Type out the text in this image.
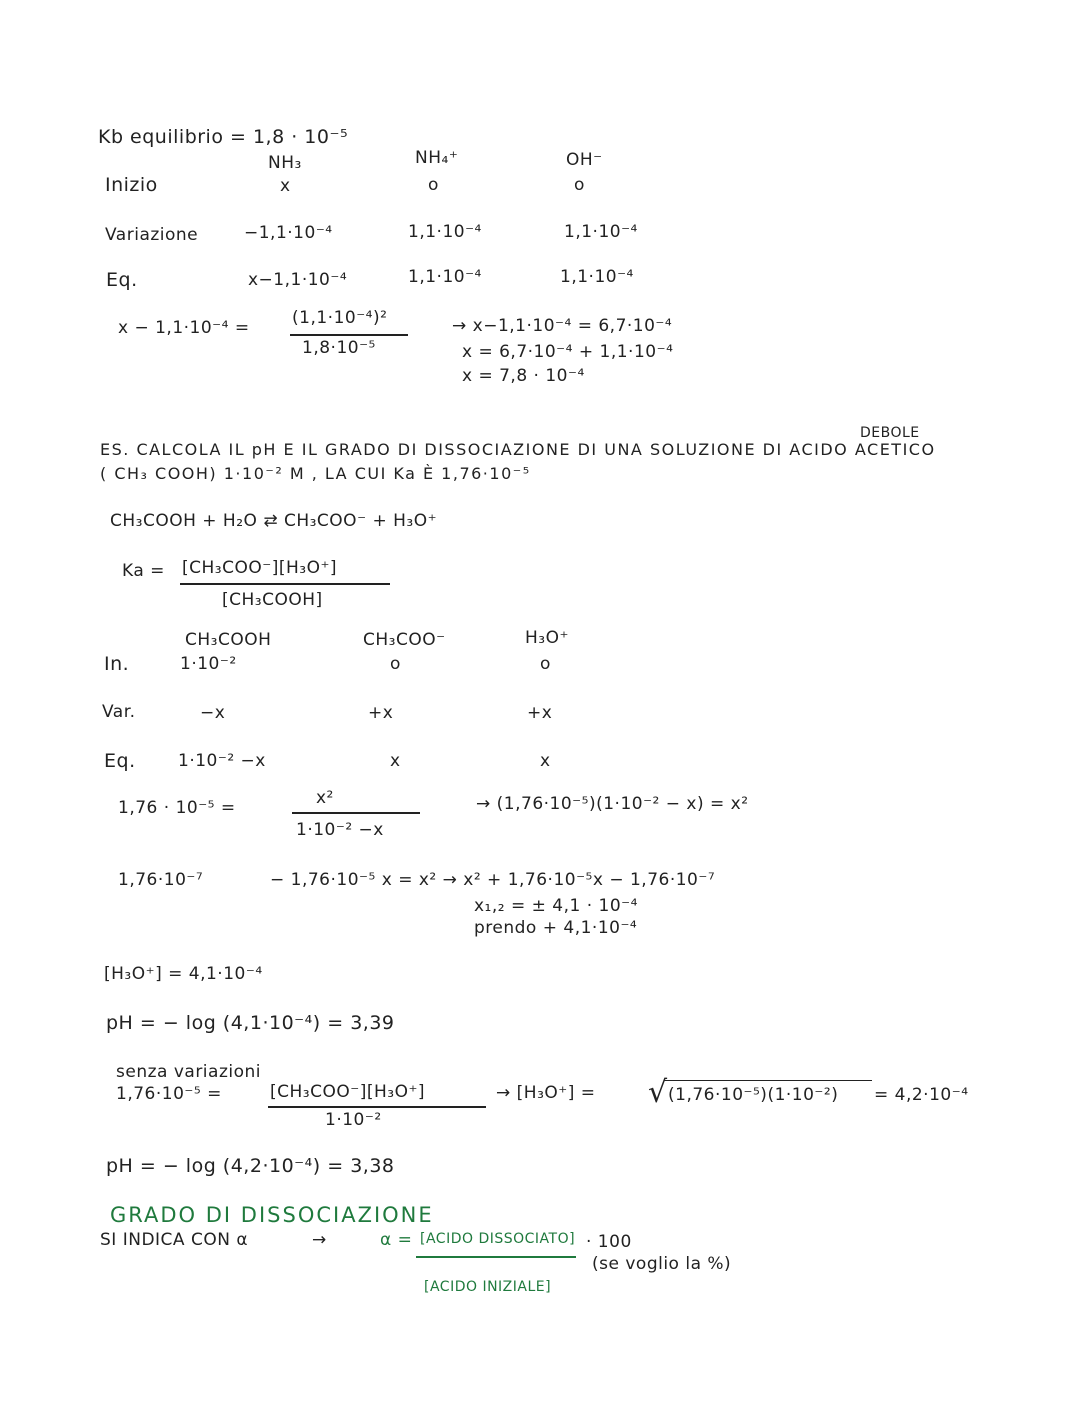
Kb equilibrio = 1,8 · 10⁻⁵
NH₃	NH₄⁺	OH⁻
Inizio	x	o	o
Variazione	−1,1·10⁻⁴	1,1·10⁻⁴	1,1·10⁻⁴
Eq.	x−1,1·10⁻⁴	1,1·10⁻⁴	1,1·10⁻⁴
x − 1,1·10⁻⁴ = (1,1·10⁻⁴)²
1,8·10⁻⁵
→ x−1,1·10⁻⁴ = 6,7·10⁻⁴
x = 6,7·10⁻⁴ + 1,1·10⁻⁴
x = 7,8 · 10⁻⁴
DEBOLE
ES. CALCOLA IL pH E IL GRADO DI DISSOCIAZIONE DI UNA SOLUZIONE DI ACIDO ACETICO
( CH₃ COOH) 1·10⁻² M , LA CUI Ka È 1,76·10⁻⁵
CH₃COOH + H₂O ⇄ CH₃COO⁻ + H₃O⁺
Ka = [CH₃COO⁻][H₃O⁺]
[CH₃COOH]
CH₃COOH	CH₃COO⁻	H₃O⁺
In.	1·10⁻²	o	o
Var.	−x	+x	+x
Eq. 1·10⁻² −x	x	x
1,76 · 10⁻⁵ =	x²
1·10⁻² −x
→ (1,76·10⁻⁵)(1·10⁻² − x) = x²
1,76·10⁻⁷	− 1,76·10⁻⁵ x = x² → x² + 1,76·10⁻⁵x − 1,76·10⁻⁷
x₁,₂ = ± 4,1 · 10⁻⁴
prendo + 4,1·10⁻⁴
[H₃O⁺] = 4,1·10⁻⁴
pH = − log (4,1·10⁻⁴) = 3,39
senza variazioni
1,76·10⁻⁵ =	[CH₃COO⁻][H₃O⁺]
1·10⁻²
→ [H₃O⁺] = √ (1,76·10⁻⁵)(1·10⁻²) = 4,2·10⁻⁴
pH = − log (4,2·10⁻⁴) = 3,38
GRADO DI DISSOCIAZIONE
SI INDICA CON α	→	α = [ACIDO DISSOCIATO]
[ACIDO INIZIALE]
· 100
(se voglio la %)
